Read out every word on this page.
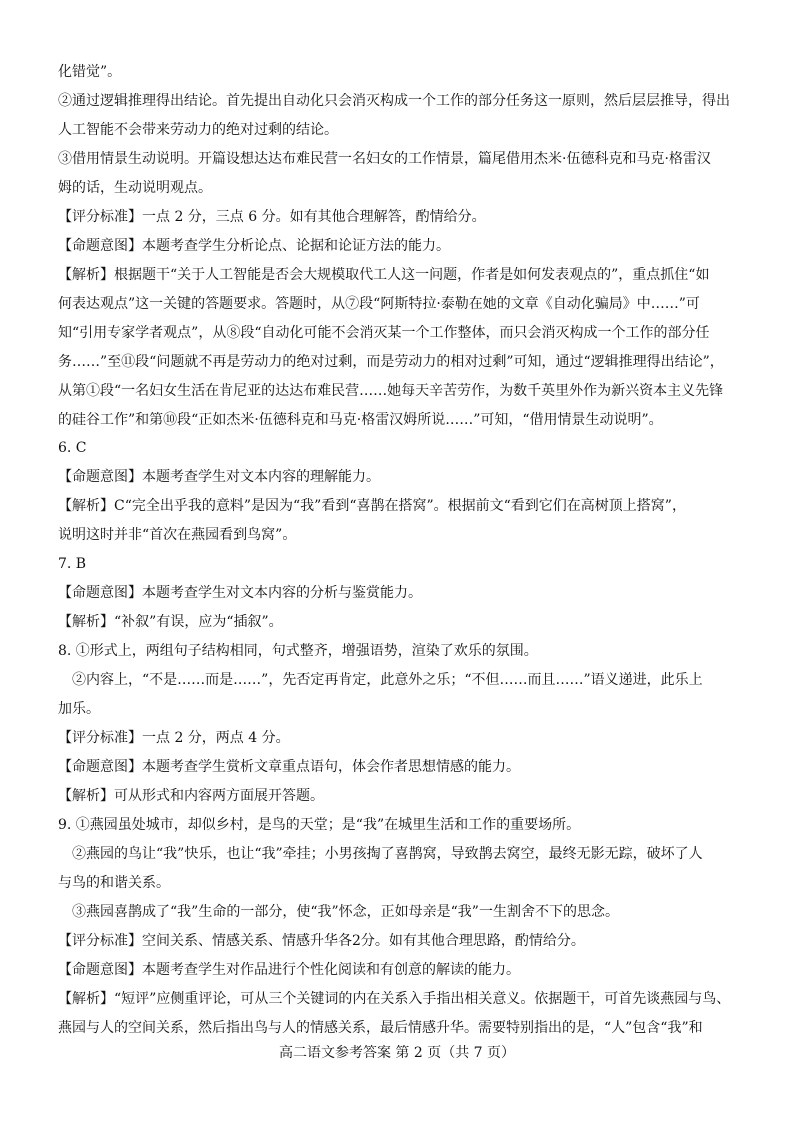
化错觉”。
②通过逻辑推理得出结论。首先提出自动化只会消灭构成一个工作的部分任务这一原则，然后层层推导，得出
人工智能不会带来劳动力的绝对过剩的结论。
③借用情景生动说明。开篇设想达达布难民营一名妇女的工作情景，篇尾借用杰米·伍德科克和马克·格雷汉
姆的话，生动说明观点。
【评分标准】一点 2 分，三点 6 分。如有其他合理解答，酌情给分。
【命题意图】本题考查学生分析论点、论据和论证方法的能力。
【解析】根据题干“关于人工智能是否会大规模取代工人这一问题，作者是如何发表观点的”，重点抓住“如
何表达观点”这一关键的答题要求。答题时，从⑦段“阿斯特拉·泰勒在她的文章《自动化骗局》中……”可
知“引用专家学者观点”，从⑧段“自动化可能不会消灭某一个工作整体，而只会消灭构成一个工作的部分任
务……”至⑪段“问题就不再是劳动力的绝对过剩，而是劳动力的相对过剩”可知，通过“逻辑推理得出结论”，
从第①段“一名妇女生活在肯尼亚的达达布难民营……她每天辛苦劳作，为数千英里外作为新兴资本主义先锋
的硅谷工作”和第⑩段“正如杰米·伍德科克和马克·格雷汉姆所说……”可知，“借用情景生动说明”。
6. C
【命题意图】本题考查学生对文本内容的理解能力。
【解析】C“完全出乎我的意料”是因为“我”看到“喜鹊在搭窝”。根据前文“看到它们在高树顶上搭窝”，
说明这时并非“首次在燕园看到鸟窝”。
7. B
【命题意图】本题考查学生对文本内容的分析与鉴赏能力。
【解析】“补叙”有误，应为“插叙”。
8. ①形式上，两组句子结构相同，句式整齐，增强语势，渲染了欢乐的氛围。
②内容上，“不是……而是……”，先否定再肯定，此意外之乐；“不但……而且……”语义递进，此乐上
加乐。
【评分标准】一点 2 分，两点 4 分。
【命题意图】本题考查学生赏析文章重点语句，体会作者思想情感的能力。
【解析】可从形式和内容两方面展开答题。
9. ①燕园虽处城市，却似乡村，是鸟的天堂；是“我”在城里生活和工作的重要场所。
②燕园的鸟让“我”快乐，也让“我”牵挂；小男孩掏了喜鹊窝，导致鹊去窝空，最终无影无踪，破坏了人
与鸟的和谐关系。
③燕园喜鹊成了“我”生命的一部分，使“我”怀念，正如母亲是“我”一生割舍不下的思念。
【评分标准】空间关系、情感关系、情感升华各2分。如有其他合理思路，酌情给分。
【命题意图】本题考查学生对作品进行个性化阅读和有创意的解读的能力。
【解析】“短评”应侧重评论，可从三个关键词的内在关系入手指出相关意义。依据题干，可首先谈燕园与鸟、
燕园与人的空间关系，然后指出鸟与人的情感关系，最后情感升华。需要特别指出的是，“人”包含“我”和
高二语文参考答案 第 2 页（共 7 页）
